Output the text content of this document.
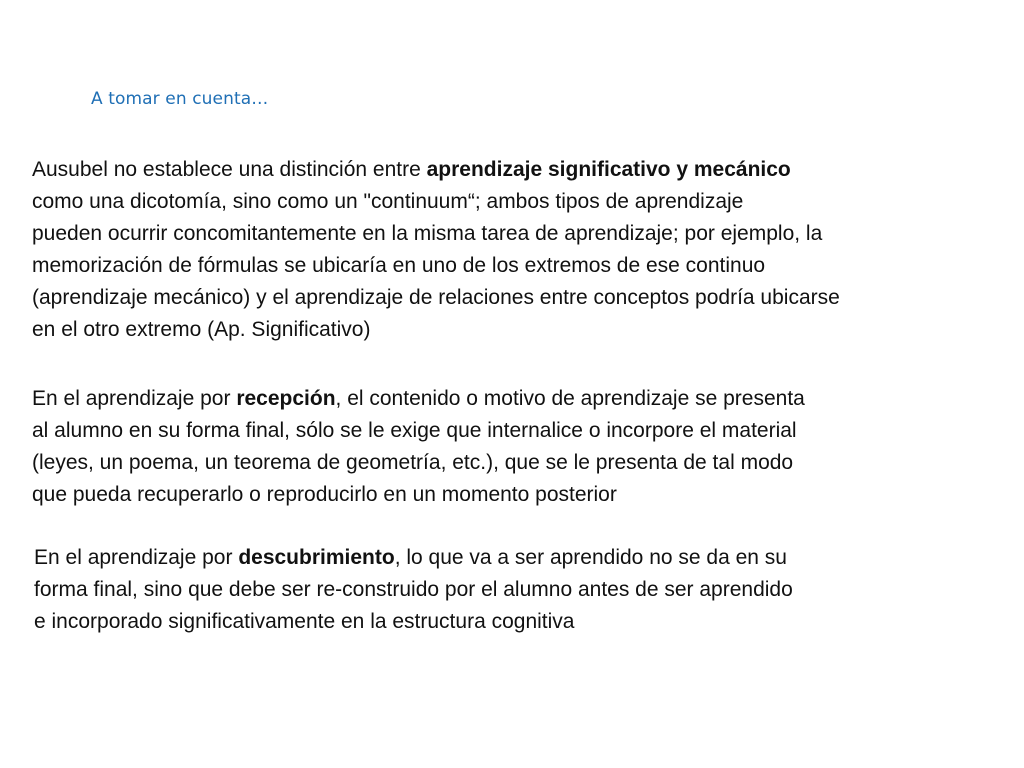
A tomar en cuenta…

Ausubel no establece una distinción entre aprendizaje significativo y mecánico
como una dicotomía, sino como un "continuum“; ambos tipos de aprendizaje
pueden ocurrir concomitantemente en la misma tarea de aprendizaje; por ejemplo, la
memorización de fórmulas se ubicaría en uno de los extremos de ese continuo
(aprendizaje mecánico) y el aprendizaje de relaciones entre conceptos podría ubicarse
en el otro extremo (Ap. Significativo)

En el aprendizaje por recepción, el contenido o motivo de aprendizaje se presenta
al alumno en su forma final, sólo se le exige que internalice o incorpore el material
(leyes, un poema, un teorema de geometría, etc.), que se le presenta de tal modo
que pueda recuperarlo o reproducirlo en un momento posterior

En el aprendizaje por descubrimiento, lo que va a ser aprendido no se da en su
forma final, sino que debe ser re-construido por el alumno antes de ser aprendido
e incorporado significativamente en la estructura cognitiva
